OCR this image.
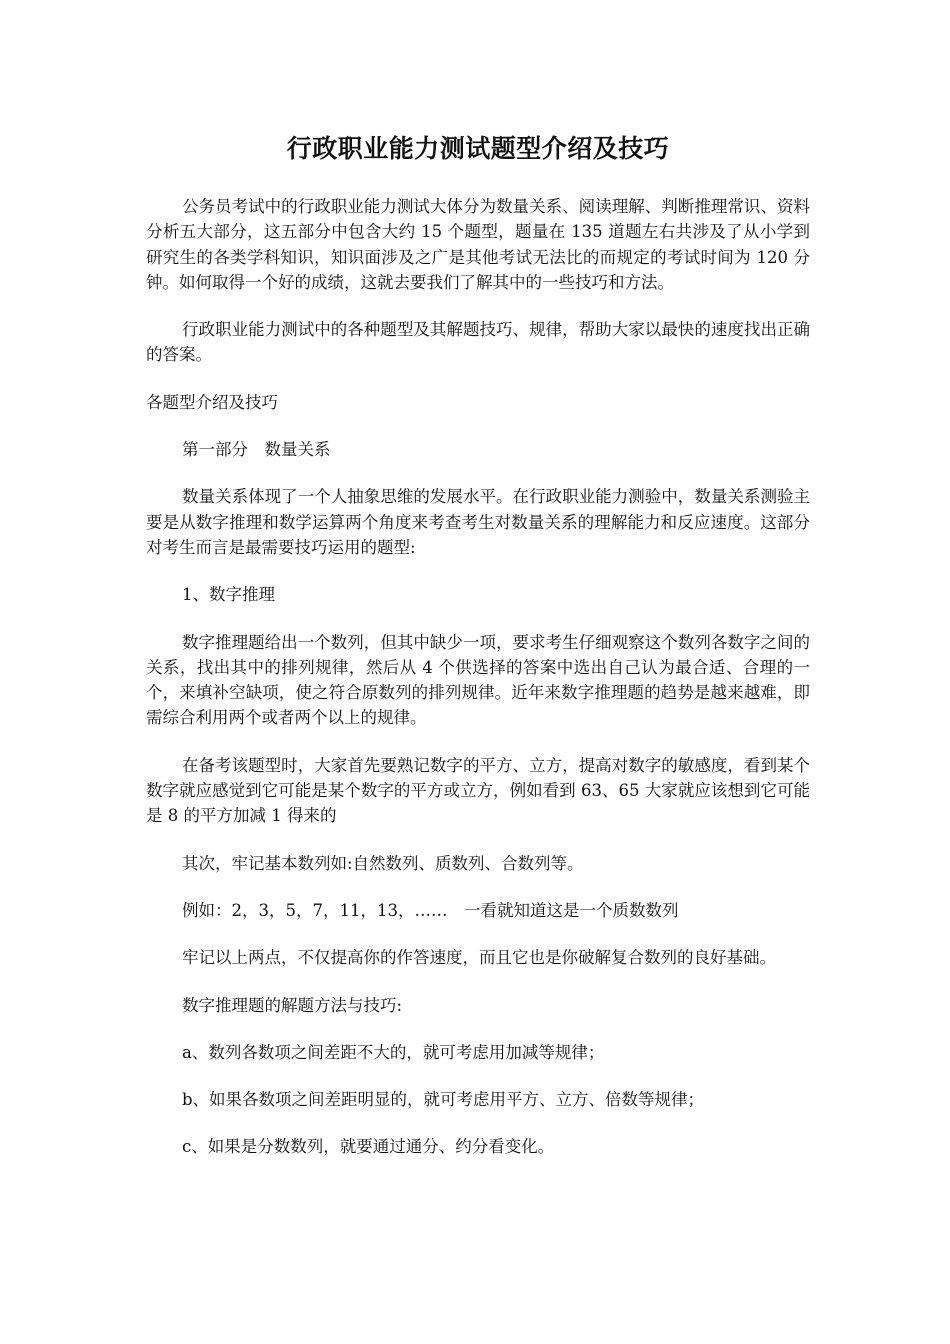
行政职业能力测试题型介绍及技巧

公务员考试中的行政职业能力测试大体分为数量关系、阅读理解、判断推理常识、资料分析五大部分，这五部分中包含大约 15 个题型，题量在 135 道题左右共涉及了从小学到研究生的各类学科知识，知识面涉及之广是其他考试无法比的而规定的考试时间为 120 分钟。如何取得一个好的成绩，这就去要我们了解其中的一些技巧和方法。

行政职业能力测试中的各种题型及其解题技巧、规律，帮助大家以最快的速度找出正确的答案。

各题型介绍及技巧

第一部分　数量关系

数量关系体现了一个人抽象思维的发展水平。在行政职业能力测验中，数量关系测验主要是从数字推理和数学运算两个角度来考查考生对数量关系的理解能力和反应速度。这部分对考生而言是最需要技巧运用的题型:

1、数字推理

数字推理题给出一个数列，但其中缺少一项，要求考生仔细观察这个数列各数字之间的关系，找出其中的排列规律，然后从 4 个供选择的答案中选出自己认为最合适、合理的一个，来填补空缺项，使之符合原数列的排列规律。近年来数字推理题的趋势是越来越难，即需综合利用两个或者两个以上的规律。

在备考该题型时，大家首先要熟记数字的平方、立方，提高对数字的敏感度，看到某个数字就应感觉到它可能是某个数字的平方或立方，例如看到 63、65 大家就应该想到它可能是 8 的平方加减 1 得来的

其次，牢记基本数列如:自然数列、质数列、合数列等。

例如：2，3，5，7，11，13，……　一看就知道这是一个质数数列

牢记以上两点，不仅提高你的作答速度，而且它也是你破解复合数列的良好基础。

数字推理题的解题方法与技巧:

a、数列各数项之间差距不大的，就可考虑用加减等规律；

b、如果各数项之间差距明显的，就可考虑用平方、立方、倍数等规律；

c、如果是分数数列，就要通过通分、约分看变化。
